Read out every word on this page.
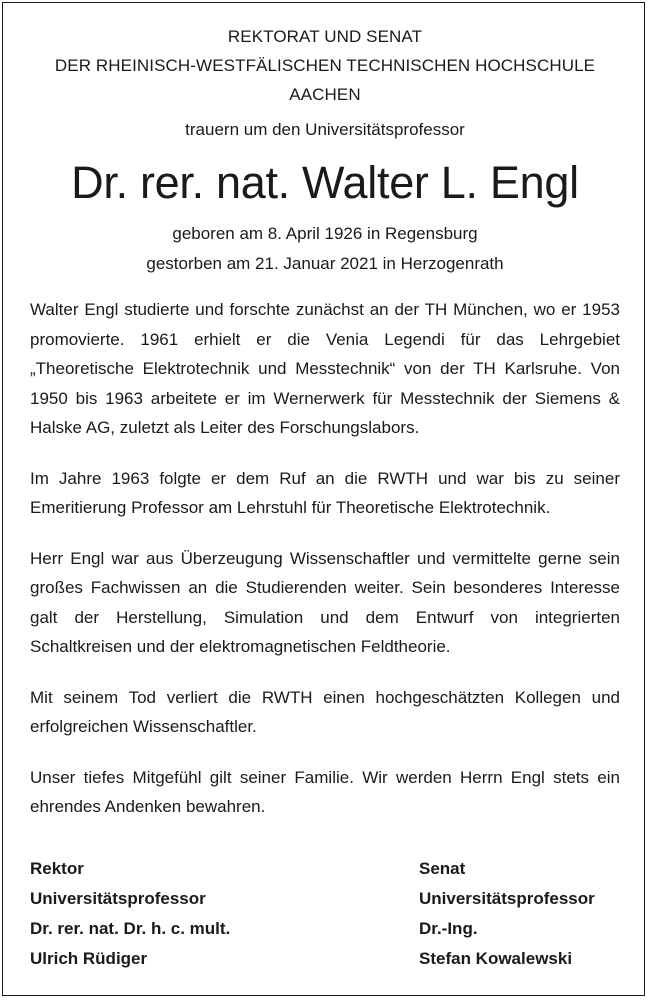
REKTORAT UND SENAT
DER RHEINISCH-WESTFÄLISCHEN TECHNISCHEN HOCHSCHULE
AACHEN
trauern um den Universitätsprofessor
Dr. rer. nat. Walter L. Engl
geboren am 8. April 1926 in Regensburg
gestorben am 21. Januar 2021 in Herzogenrath

Walter Engl studierte und forschte zunächst an der TH München, wo er 1953 promovierte. 1961 erhielt er die Venia Legendi für das Lehrgebiet „Theoretische Elektrotechnik und Messtechnik“ von der TH Karlsruhe. Von 1950 bis 1963 arbeitete er im Wernerwerk für Messtechnik der Siemens & Halske AG, zuletzt als Leiter des Forschungslabors.

Im Jahre 1963 folgte er dem Ruf an die RWTH und war bis zu seiner Emeritierung Professor am Lehrstuhl für Theoretische Elektrotechnik.

Herr Engl war aus Überzeugung Wissenschaftler und vermittelte gerne sein großes Fachwissen an die Studierenden weiter. Sein besonderes Interesse galt der Herstellung, Simulation und dem Entwurf von integrierten Schaltkreisen und der elektromagnetischen Feldtheorie.

Mit seinem Tod verliert die RWTH einen hochgeschätzten Kollegen und erfolgreichen Wissenschaftler.

Unser tiefes Mitgefühl gilt seiner Familie. Wir werden Herrn Engl stets ein ehrendes Andenken bewahren.

Rektor
Universitätsprofessor
Dr. rer. nat. Dr. h. c. mult.
Ulrich Rüdiger
Senat
Universitätsprofessor
Dr.-Ing.
Stefan Kowalewski
